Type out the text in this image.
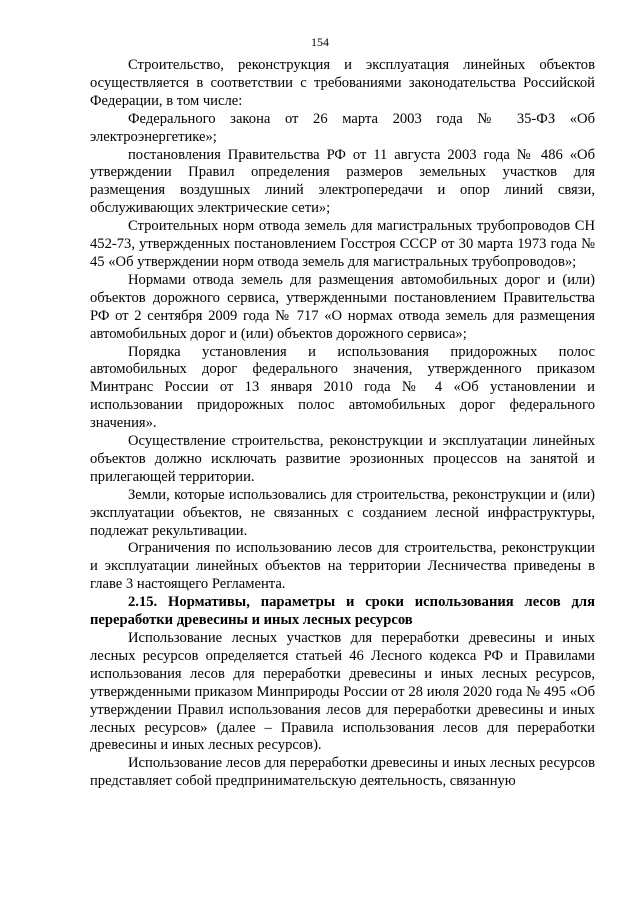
154

Строительство, реконструкция и эксплуатация линейных объектов осуществляется в соответствии с требованиями законодательства Российской Федерации, в том числе:

Федерального закона от 26 марта 2003 года № 35-ФЗ «Об электроэнергетике»;

постановления Правительства РФ от 11 августа 2003 года № 486 «Об утверждении Правил определения размеров земельных участков для размещения воздушных линий электропередачи и опор линий связи, обслуживающих электрические сети»;

Строительных норм отвода земель для магистральных трубопроводов СН 452-73, утвержденных постановлением Госстроя СССР от 30 марта 1973 года № 45 «Об утверждении норм отвода земель для магистральных трубопроводов»;

Нормами отвода земель для размещения автомобильных дорог и (или) объектов дорожного сервиса, утвержденными постановлением Правительства РФ от 2 сентября 2009 года № 717 «О нормах отвода земель для размещения автомобильных дорог и (или) объектов дорожного сервиса»;

Порядка установления и использования придорожных полос автомобильных дорог федерального значения, утвержденного приказом Минтранс России от 13 января 2010 года № 4 «Об установлении и использовании придорожных полос автомобильных дорог федерального значения».

Осуществление строительства, реконструкции и эксплуатации линейных объектов должно исключать развитие эрозионных процессов на занятой и прилегающей территории.

Земли, которые использовались для строительства, реконструкции и (или) эксплуатации объектов, не связанных с созданием лесной инфраструктуры, подлежат рекультивации.

Ограничения по использованию лесов для строительства, реконструкции и эксплуатации линейных объектов на территории Лесничества приведены в главе 3 настоящего Регламента.

2.15. Нормативы, параметры и сроки использования лесов для переработки древесины и иных лесных ресурсов

Использование лесных участков для переработки древесины и иных лесных ресурсов определяется статьей 46 Лесного кодекса РФ и Правилами использования лесов для переработки древесины и иных лесных ресурсов, утвержденными приказом Минприроды России от 28 июля 2020 года № 495 «Об утверждении Правил использования лесов для переработки древесины и иных лесных ресурсов» (далее – Правила использования лесов для переработки древесины и иных лесных ресурсов).

Использование лесов для переработки древесины и иных лесных ресурсов представляет собой предпринимательскую деятельность, связанную
